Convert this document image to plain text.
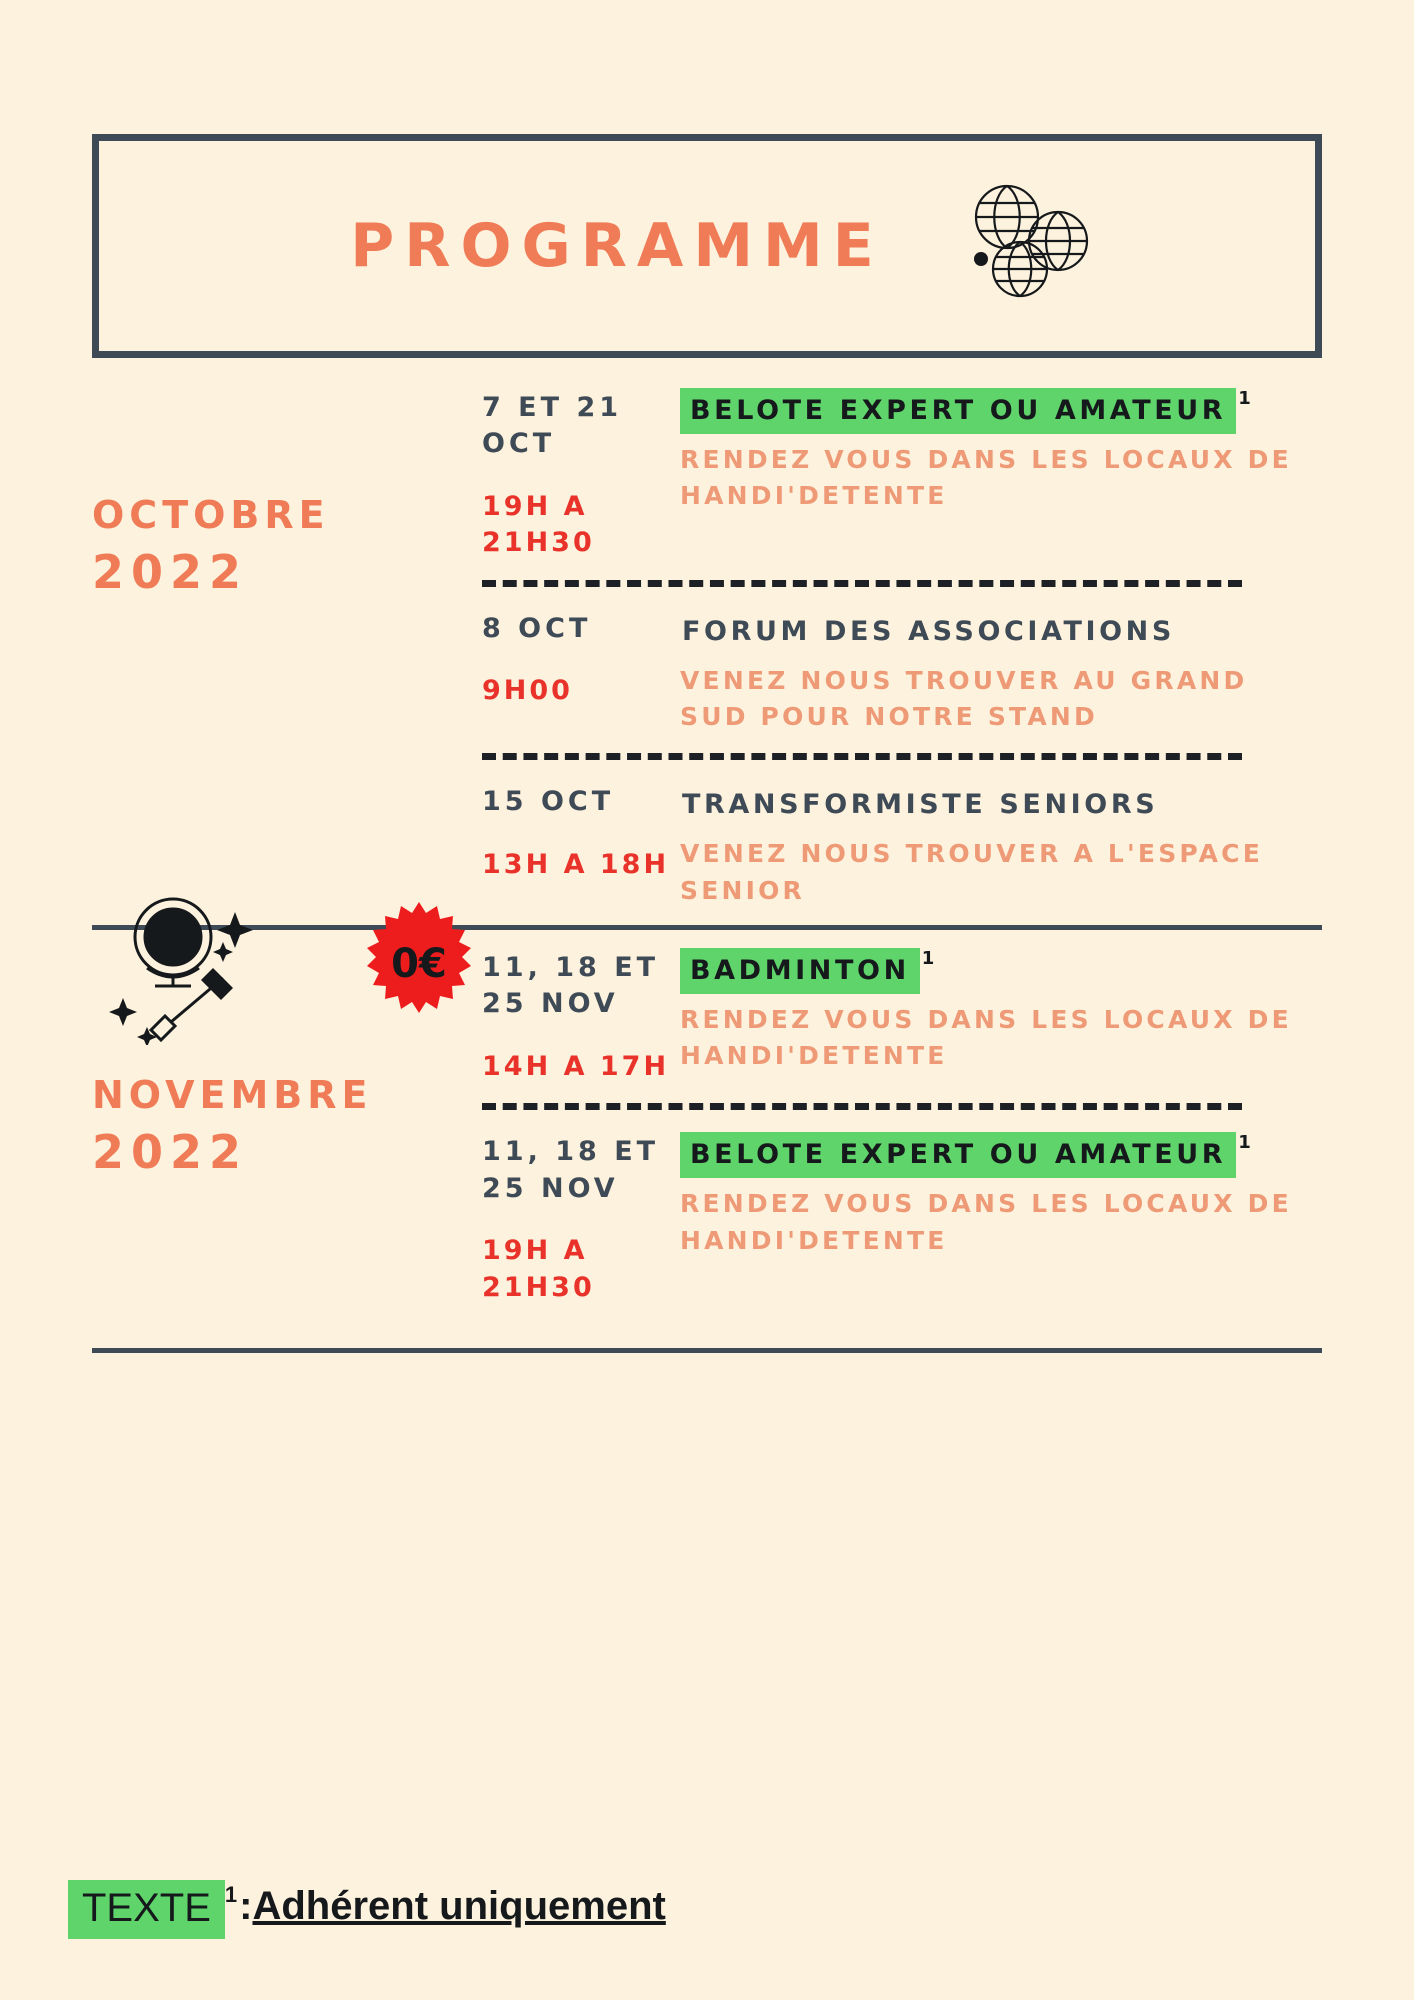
PROGRAMME
OCTOBRE
2022
7 ET 21 OCT
19H A 21H30
BELOTE EXPERT OU AMATEUR 1
RENDEZ VOUS DANS LES LOCAUX DE HANDI'DETENTE
8 OCT
9H00
FORUM DES ASSOCIATIONS
VENEZ NOUS TROUVER AU GRAND SUD POUR NOTRE STAND
15 OCT
13H A 18H
TRANSFORMISTE SENIORS
VENEZ NOUS TROUVER A L'ESPACE SENIOR
NOVEMBRE
2022
11, 18 ET 25 NOV
14H A 17H
BADMINTON 1
RENDEZ VOUS DANS LES LOCAUX DE HANDI'DETENTE
11, 18 ET 25 NOV
19H A 21H30
BELOTE EXPERT OU AMATEUR 1
RENDEZ VOUS DANS LES LOCAUX DE HANDI'DETENTE
0€
TEXTE 1 :Adhérent uniquement
